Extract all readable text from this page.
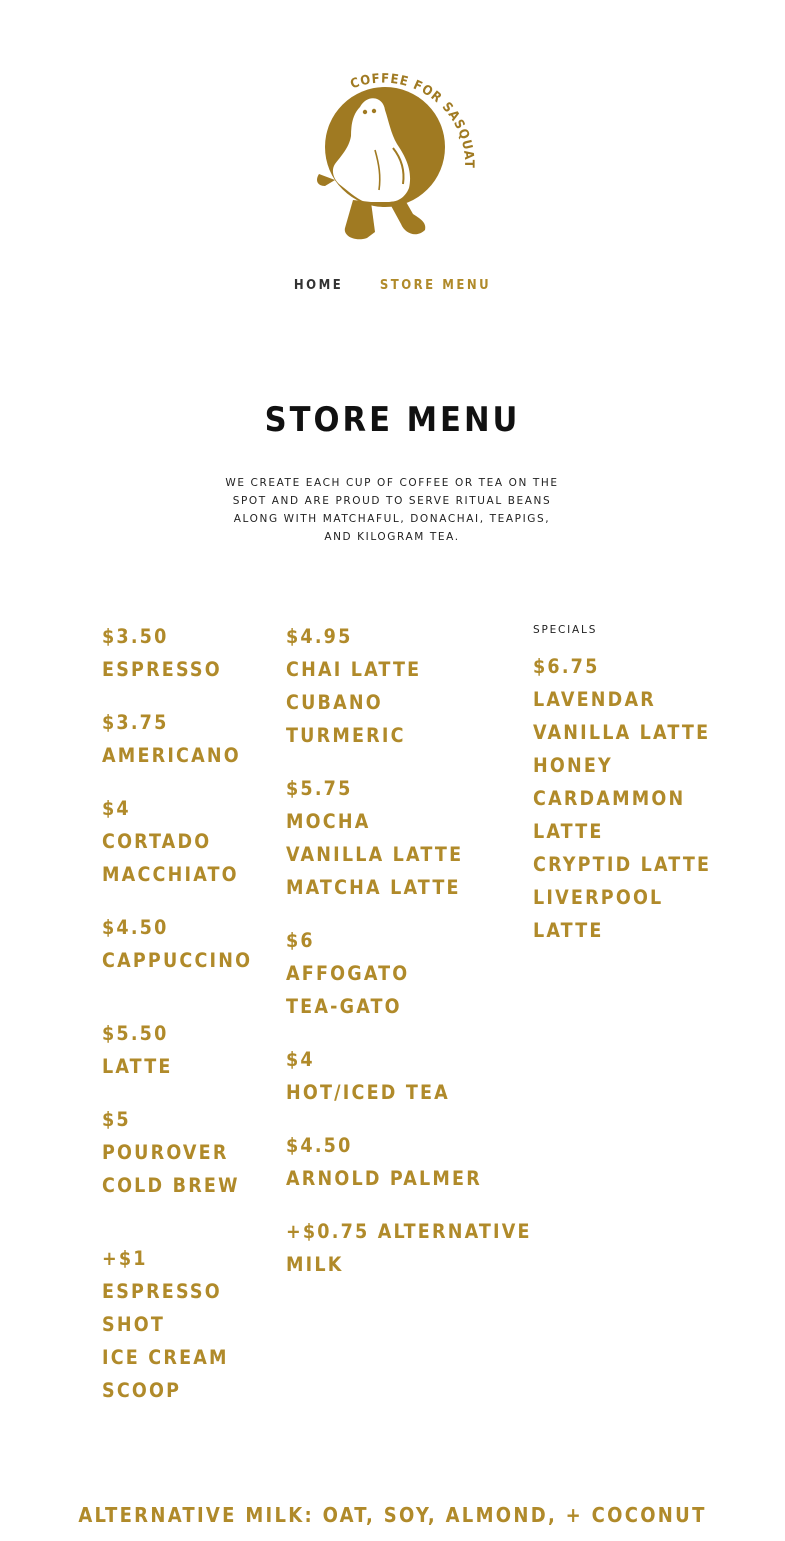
COFFEE FOR SASQUAT
HOME	STORE MENU
STORE MENU

WE CREATE EACH CUP OF COFFEE OR TEA ON THE SPOT AND ARE PROUD TO SERVE RITUAL BEANS ALONG WITH MATCHAFUL, DONACHAI, TEAPIGS, AND KILOGRAM TEA.

$3.50
ESPRESSO
$3.75
AMERICANO
$4
CORTADO
MACCHIATO
$4.50
CAPPUCCINO
$5.50
LATTE
$5
POUROVER
COLD BREW
+$1
ESPRESSO
SHOT
ICE CREAM
SCOOP
$4.95
CHAI LATTE
CUBANO
TURMERIC
$5.75
MOCHA
VANILLA LATTE
MATCHA LATTE
$6
AFFOGATO
TEA-GATO
$4
HOT/ICED TEA
$4.50
ARNOLD PALMER
+$0.75 ALTERNATIVE
MILK
SPECIALS
$6.75
LAVENDAR
VANILLA LATTE
HONEY
CARDAMMON
LATTE
CRYPTID LATTE
LIVERPOOL
LATTE
ALTERNATIVE MILK: OAT, SOY, ALMOND, + COCONUT
